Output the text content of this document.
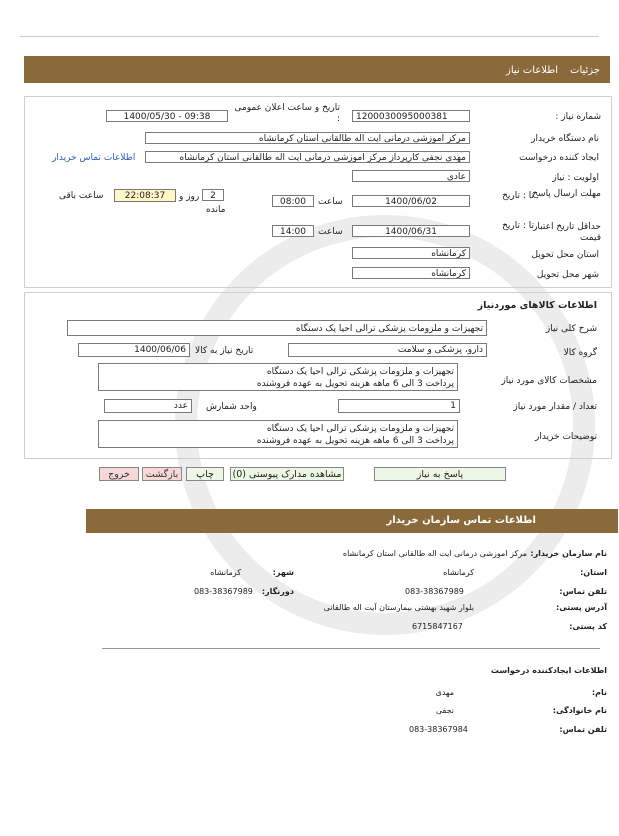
جزئیات
اطلاعات نیاز
شماره نیاز :
1200030095000381
تاریخ و ساعت اعلان عمومی :
1400/05/30 - 09:38
نام دستگاه خریدار
مرکز اموزشی درمانی ایت اله طالقانی استان کرمانشاه
ایجاد کننده درخواست
مهدی نجفی کارپرداز مرکز اموزشی درمانی ایت اله طالقانی استان کرمانشاه
اطلاعات تماس خریدار
اولویت : نیاز
عادی
مهلت ارسال پاسخ
تا : تاریخ
1400/06/02
ساعت
08:00
2
روز و
مانده
22:08:37
ساعت باقی
حداقل تاریخ اعتبار قیمت
تا : تاریخ
1400/06/31
ساعت
14:00
استان محل تحویل
کرمانشاه
شهر محل تحویل
کرمانشاه
اطلاعات کالاهای موردنیاز
شرح کلی نیاز
تجهیزات و ملزومات پزشکی ترالی احیا یک دستگاه
گروه کالا
دارو، پزشکی و سلامت
تاریخ نیاز به کالا
1400/06/06
مشخصات کالای مورد نیاز
تجهیزات و ملزومات پزشکی ترالی احیا یک دستگاه
پرداخت 3 الی 6 ماهه هزینه تحویل به عهده فروشنده
تعداد / مقدار مورد نیاز
1
واحد شمارش
عدد
توضیحات خریدار
تجهیزات و ملزومات پزشکی ترالی احیا یک دستگاه
پرداخت 3 الی 6 ماهه هزینه تحویل به عهده فروشنده
پاسخ به نیاز
مشاهده مدارک پیوستی (0)
چاپ
بازگشت
خروج
اطلاعات تماس سازمان خریدار
نام سازمان خریدار:
مرکز اموزشی درمانی ایت اله طالقانی استان کرمانشاه
استان:
کرمانشاه
شهر:
کرمانشاه
تلفن تماس:
083-38367989
دورنگار:
083-38367989
آدرس پستی:
بلوار شهید بهشتی بیمارستان آیت اله طالقانی
کد پستی:
6715847167
اطلاعات ایجادکننده درخواست
نام:
مهدی
نام خانوادگی:
نجفی
تلفن تماس:
083-38367984
